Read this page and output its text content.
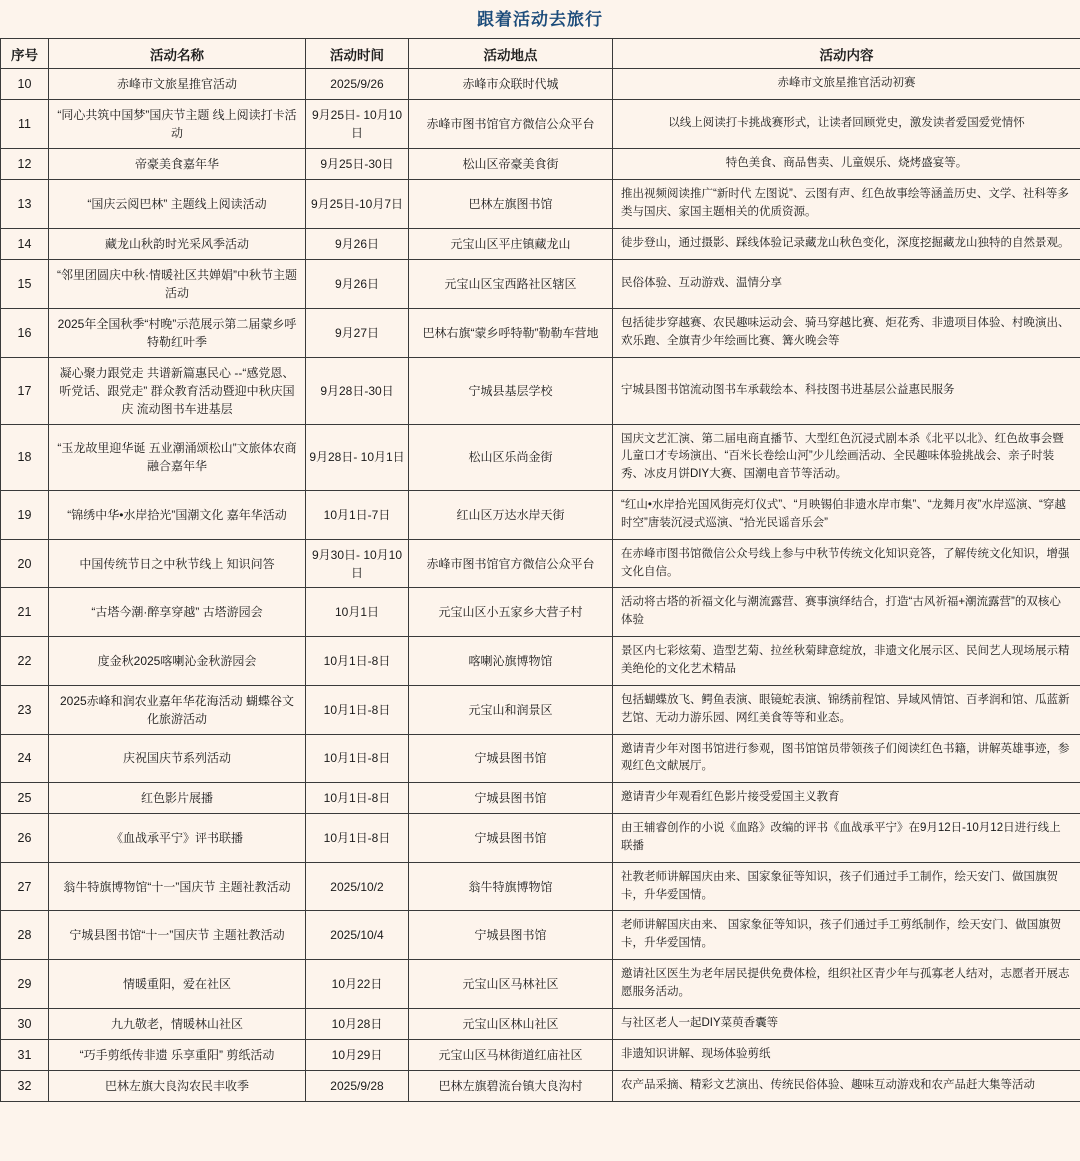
跟着活动去旅行
序号	活动名称	活动时间	活动地点	活动内容
10	赤峰市文旅星推官活动	2025/9/26	赤峰市众联时代城	赤峰市文旅星推官活动初赛
11	“同心共筑中国梦”国庆节主题 线上阅读打卡活动	9月25日- 10月10日	赤峰市图书馆官方微信公众平台	以线上阅读打卡挑战赛形式，让读者回顾党史，激发读者爱国爱党情怀
12	帝豪美食嘉年华	9月25日-30日	松山区帝豪美食街	特色美食、商品售卖、儿童娱乐、烧烤盛宴等。
13	“国庆云阅巴林” 主题线上阅读活动	9月25日-10月7日	巴林左旗图书馆	推出视频阅读推广“新时代 左图说”、云图有声、红色故事绘等涵盖历史、文学、社科等多类与国庆、家国主题相关的优质资源。
14	藏龙山秋韵时光采风季活动	9月26日	元宝山区平庄镇藏龙山	徒步登山，通过摄影、踩线体验记录藏龙山秋色变化，深度挖掘藏龙山独特的自然景观。
15	“邻里团圆庆中秋·情暖社区共婵娟”中秋节主题活动	9月26日	元宝山区宝西路社区辖区	民俗体验、互动游戏、温情分享
16	2025年全国秋季“村晚”示范展示第二届蒙乡呼特勒红叶季	9月27日	巴林右旗“蒙乡呼特勒”勒勒车营地	包括徒步穿越赛、农民趣味运动会、骑马穿越比赛、炬花秀、非遗项目体验、村晚演出、欢乐跑、全旗青少年绘画比赛、篝火晚会等
17	凝心聚力跟党走 共谱新篇惠民心 --“感党恩、听党话、跟党走” 群众教育活动暨迎中秋庆国庆 流动图书车进基层	9月28日-30日	宁城县基层学校	宁城县图书馆流动图书车承载绘本、科技图书进基层公益惠民服务
18	“玉龙故里迎华诞 五业潮涌颂松山”文旅体农商融合嘉年华	9月28日- 10月1日	松山区乐尚金街	国庆文艺汇演、第二届电商直播节、大型红色沉浸式剧本杀《北平以北》、红色故事会暨儿童口才专场演出、“百米长卷绘山河”少儿绘画活动、全民趣味体验挑战会、亲子时装秀、冰皮月饼DIY大赛、国潮电音节等活动。
19	“锦绣中华•水岸拾光”国潮文化 嘉年华活动	10月1日-7日	红山区万达水岸天街	“红山•水岸拾光国风街亮灯仪式”、“月映锡伯非遗水岸市集”、“龙舞月夜”水岸巡演、“穿越时空”唐装沉浸式巡演、“拾光民谣音乐会”
20	中国传统节日之中秋节线上 知识问答	9月30日- 10月10日	赤峰市图书馆官方微信公众平台	在赤峰市图书馆微信公众号线上参与中秋节传统文化知识竞答，了解传统文化知识，增强文化自信。
21	“古塔今潮·醉享穿越” 古塔游园会	10月1日	元宝山区小五家乡大营子村	活动将古塔的祈福文化与潮流露营、赛事演绎结合，打造“古风祈福+潮流露营”的双核心体验
22	度金秋2025喀喇沁金秋游园会	10月1日-8日	喀喇沁旗博物馆	景区内七彩炫菊、造型艺菊、拉丝秋菊肆意绽放，非遗文化展示区、民间艺人现场展示精美绝伦的文化艺术精品
23	2025赤峰和润农业嘉年华花海活动 蝴蝶谷文化旅游活动	10月1日-8日	元宝山和润景区	包括蝴蝶放飞、鳄鱼表演、眼镜蛇表演、锦绣前程馆、异域风情馆、百孝润和馆、瓜蓝新艺馆、无动力游乐园、网红美食等等和业态。
24	庆祝国庆节系列活动	10月1日-8日	宁城县图书馆	邀请青少年对图书馆进行参观，图书馆馆员带领孩子们阅读红色书籍，讲解英雄事迹，参观红色文献展厅。
25	红色影片展播	10月1日-8日	宁城县图书馆	邀请青少年观看红色影片接受爱国主义教育
26	《血战承平宁》评书联播	10月1日-8日	宁城县图书馆	由王辅睿创作的小说《血路》改编的评书《血战承平宁》在9月12日-10月12日进行线上联播
27	翁牛特旗博物馆“十一”国庆节 主题社教活动	2025/10/2	翁牛特旗博物馆	社教老师讲解国庆由来、国家象征等知识，孩子们通过手工制作，绘天安门、做国旗贺卡，升华爱国情。
28	宁城县图书馆“十一”国庆节 主题社教活动	2025/10/4	宁城县图书馆	老师讲解国庆由来、 国家象征等知识，孩子们通过手工剪纸制作，绘天安门、做国旗贺卡，升华爱国情。
29	情暖重阳，爱在社区	10月22日	元宝山区马林社区	邀请社区医生为老年居民提供免费体检，组织社区青少年与孤寡老人结对，志愿者开展志愿服务活动。
30	九九敬老，情暖林山社区	10月28日	元宝山区林山社区	与社区老人一起DIY菜萸香囊等
31	“巧手剪纸传非遗 乐享重阳” 剪纸活动	10月29日	元宝山区马林街道红庙社区	非遗知识讲解、现场体验剪纸
32	巴林左旗大良沟农民丰收季	2025/9/28	巴林左旗碧流台镇大良沟村	农产品采摘、精彩文艺演出、传统民俗体验、趣味互动游戏和农产品赶大集等活动
